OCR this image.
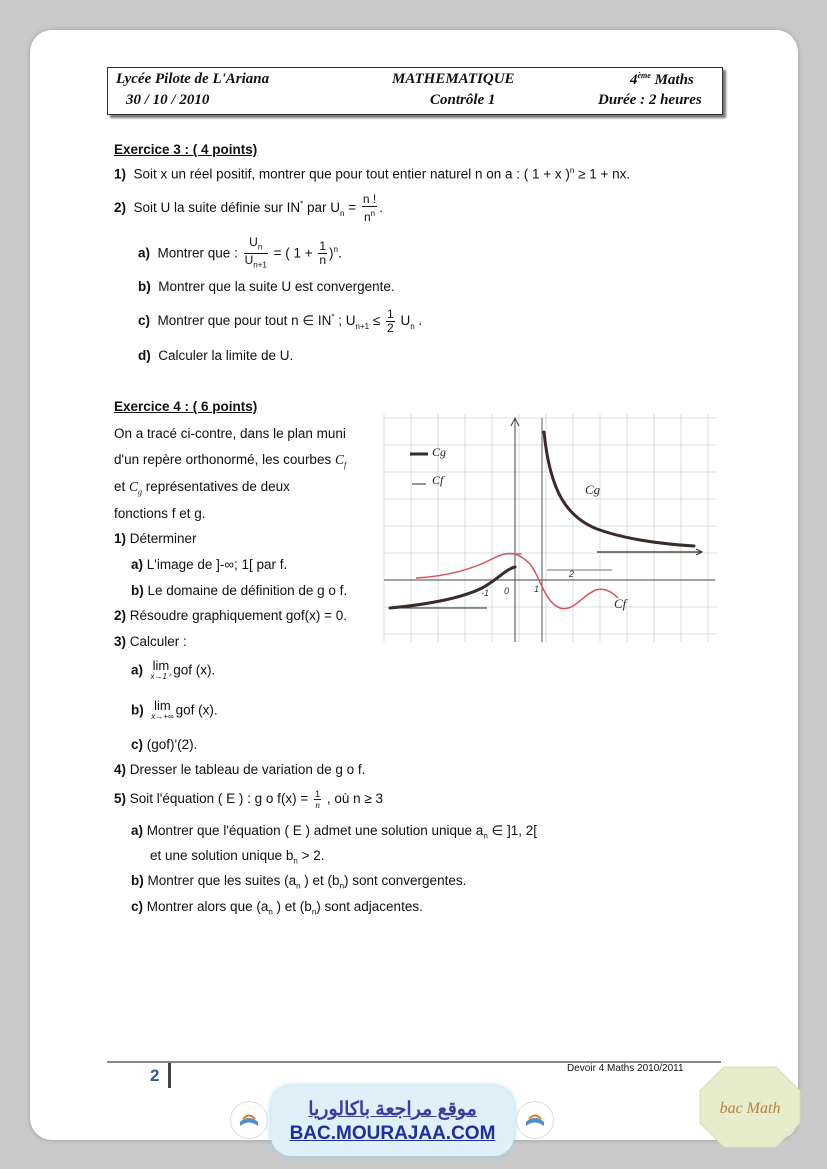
Lycée Pilote de L'Ariana
30 / 10 / 2010
MATHEMATIQUE
Contrôle 1
4ème Maths
Durée : 2 heures
Exercice 3 : ( 4 points)
1) Soit x un réel positif, montrer que pour tout entier naturel n on a : ( 1 + x )$^n$ ≥ 1 + nx.
2) Soit U la suite définie sur IN* par $U_n = \frac{n !}{n^n}$ .
a) Montrer que : $\frac{U_n}{U_{n+1}}$ = ( $1 + \frac{1}{n} )^n$.
b) Montrer que la suite U est convergente.
c) Montrer que pour tout n ∈ IN* ; $U_{n+1} \le \frac{1}{2} U_n$ .
d) Calculer la limite de U.
Exercice 4 : ( 6 points)
On a tracé ci-contre, dans le plan muni
d'un repère orthonormé, les courbes $C_f$
et $C_g$ représentatives de deux
fonctions f et g.
1) Déterminer
a) L'image de ]-∞; 1[ par f.
b) Le domaine de définition de g o f.
2) Résoudre graphiquement gof(x) = 0.
3) Calculer :
a) lim
x→1⁺ gof (x).
b) lim
x→+∞ gof (x).
c) (gof)'(2).
4) Dresser le tableau de variation de g o f.
5) Soit l'équation ( E ) : g o $f(x) = \frac{1}{n}$ , où n ≥ 3
a) Montrer que l'équation ( E ) admet une solution unique $a_n$ ∈ ]1, 2[
et une solution unique $b_n > 2$.
b) Montrer que les suites ($a_n$ ) et $(b_n)$ sont convergentes.
c) Montrer alors que ($a_n$ ) et $(b_n)$ sont adjacentes.
Cg
Cf
Cg
Cf
-1 0	1
2
2	Devoir 4 Maths 2010/2011
موقع مراجعة باكالوريا
BAC.MOURAJAA.COM
bac Math
